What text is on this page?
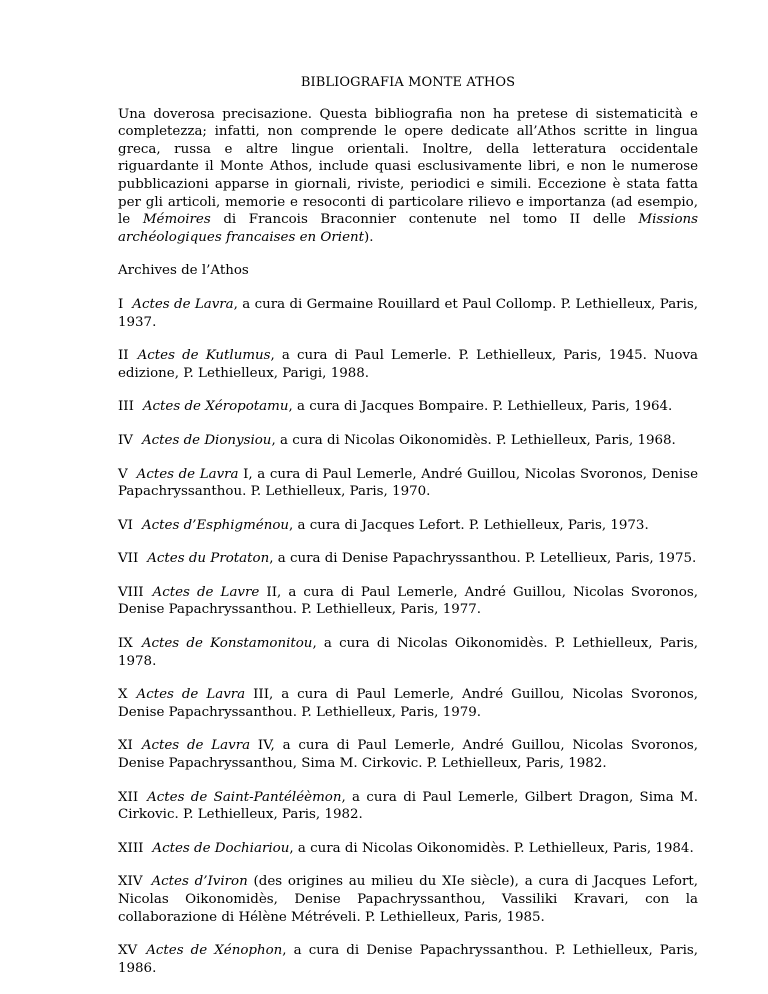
BIBLIOGRAFIA MONTE ATHOS

Una doverosa precisazione. Questa bibliografia non ha pretese di sistematicità e completezza; infatti, non comprende le opere dedicate all’Athos scritte in lingua greca, russa e altre lingue orientali. Inoltre, della letteratura occidentale riguardante il Monte Athos, include quasi esclusivamente libri, e non le numerose pubblicazioni apparse in giornali, riviste, periodici e simili. Eccezione è stata fatta per gli articoli, memorie e resoconti di particolare rilievo e importanza (ad esempio, le Mémoires di Francois Braconnier contenute nel tomo II delle Missions archéologiques francaises en Orient).

Archives de l’Athos

I Actes de Lavra, a cura di Germaine Rouillard et Paul Collomp. P. Lethielleux, Paris, 1937.

II Actes de Kutlumus, a cura di Paul Lemerle. P. Lethielleux, Paris, 1945. Nuova edizione, P. Lethielleux, Parigi, 1988.

III Actes de Xéropotamu, a cura di Jacques Bompaire. P. Lethielleux, Paris, 1964.

IV Actes de Dionysiou, a cura di Nicolas Oikonomidès. P. Lethielleux, Paris, 1968.

V Actes de Lavra I, a cura di Paul Lemerle, André Guillou, Nicolas Svoronos, Denise Papachryssanthou. P. Lethielleux, Paris, 1970.

VI Actes d’Esphigménou, a cura di Jacques Lefort. P. Lethielleux, Paris, 1973.

VII Actes du Protaton, a cura di Denise Papachryssanthou. P. Letellieux, Paris, 1975.

VIII Actes de Lavre II, a cura di Paul Lemerle, André Guillou, Nicolas Svoronos, Denise Papachryssanthou. P. Lethielleux, Paris, 1977.

IX Actes de Konstamonitou, a cura di Nicolas Oikonomidès. P. Lethielleux, Paris, 1978.

X Actes de Lavra III, a cura di Paul Lemerle, André Guillou, Nicolas Svoronos, Denise Papachryssanthou. P. Lethielleux, Paris, 1979.

XI Actes de Lavra IV, a cura di Paul Lemerle, André Guillou, Nicolas Svoronos, Denise Papachryssanthou, Sima M. Cirkovic. P. Lethielleux, Paris, 1982.

XII Actes de Saint-Pantéléèmon, a cura di Paul Lemerle, Gilbert Dragon, Sima M. Cirkovic. P. Lethielleux, Paris, 1982.

XIII Actes de Dochiariou, a cura di Nicolas Oikonomidès. P. Lethielleux, Paris, 1984.

XIV Actes d’Iviron (des origines au milieu du XIe siècle), a cura di Jacques Lefort, Nicolas Oikonomidès, Denise Papachryssanthou, Vassiliki Kravari, con la collaborazione di Hélène Métréveli. P. Lethielleux, Paris, 1985.

XV Actes de Xénophon, a cura di Denise Papachryssanthou. P. Lethielleux, Paris, 1986.
